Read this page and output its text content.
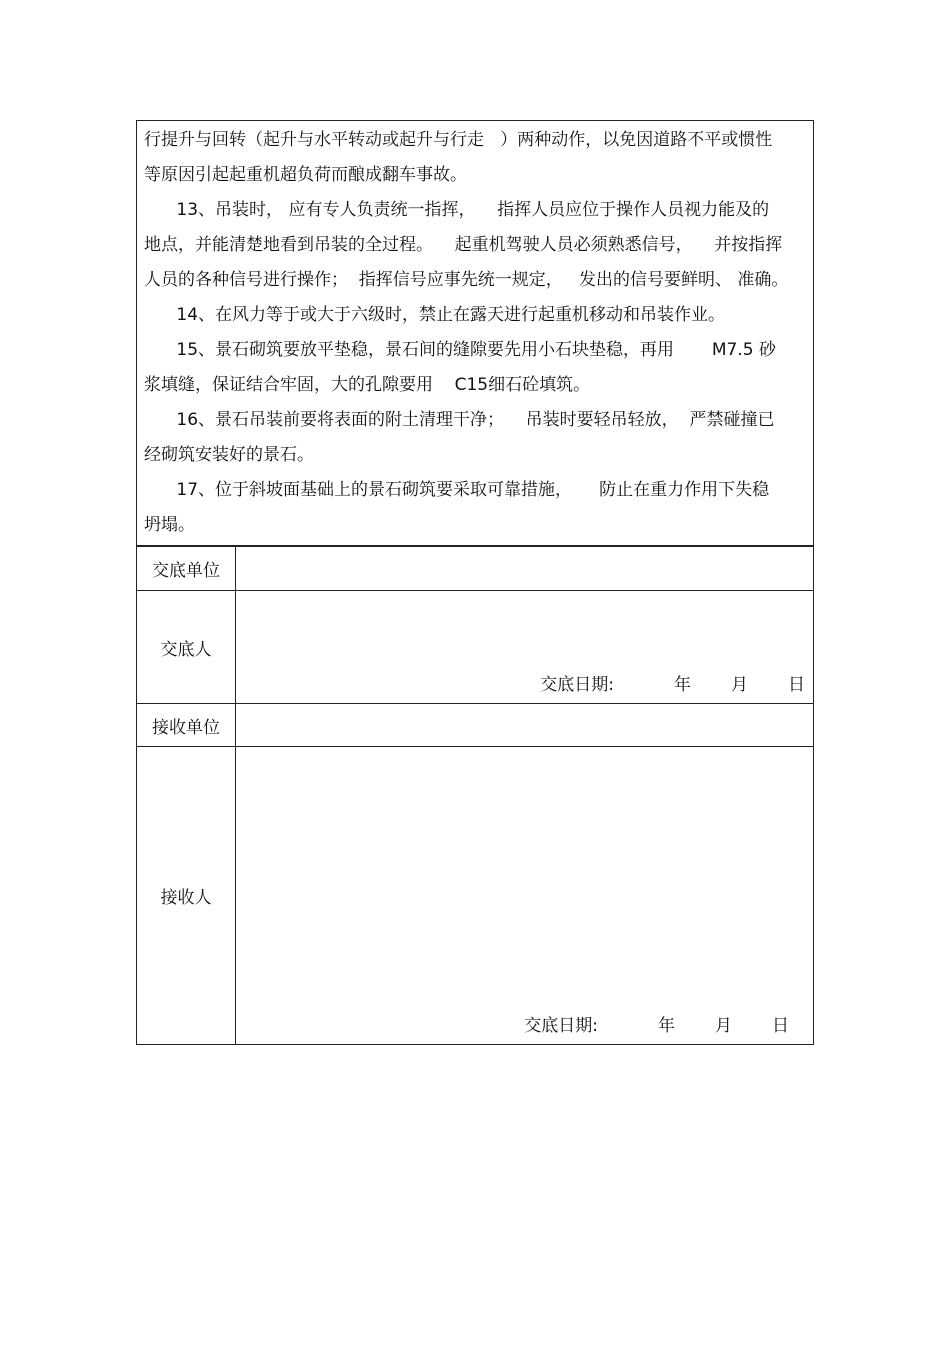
行提升与回转（起升与水平转动或起升与行走   ）两种动作，以免因道路不平或惯性
等原因引起起重机超负荷而酿成翻车事故。
13、吊装时， 应有专人负责统一指挥，    指挥人员应位于操作人员视力能及的
地点，并能清楚地看到吊装的全过程。    起重机驾驶人员必须熟悉信号，    并按指挥
人员的各种信号进行操作；  指挥信号应事先统一规定，   发出的信号要鲜明、 准确。
14、在风力等于或大于六级时，禁止在露天进行起重机移动和吊装作业。
15、景石砌筑要放平垫稳，景石间的缝隙要先用小石块垫稳，再用       M7.5 砂
浆填缝，保证结合牢固，大的孔隙要用    C15细石砼填筑。
16、景石吊装前要将表面的附土清理干净；    吊装时要轻吊轻放，  严禁碰撞已
经砌筑安装好的景石。
17、位于斜坡面基础上的景石砌筑要采取可靠措施，     防止在重力作用下失稳
坍塌。
交底单位
交底人
交底日期:	年 月 日
接收单位
接收人
交底日期:	年 月 日
